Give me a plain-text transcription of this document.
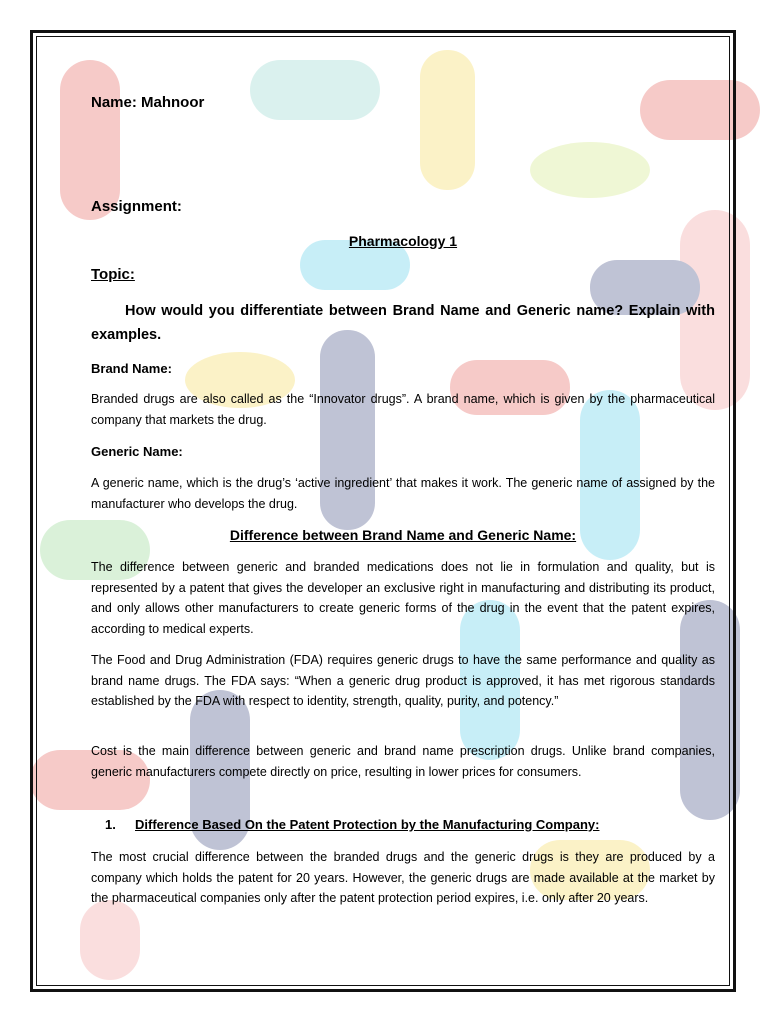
Name: Mahnoor
Assignment:
Pharmacology 1
Topic:
How would you differentiate between Brand Name and Generic name? Explain with examples.
Brand Name:
Branded drugs are also called as the “Innovator drugs”. A brand name, which is given by the pharmaceutical company that markets the drug.
Generic Name:
A generic name, which is the drug’s ‘active ingredient’ that makes it work. The generic name of assigned by the manufacturer who develops the drug.
Difference between Brand Name and Generic Name:
The difference between generic and branded medications does not lie in formulation and quality, but is represented by a patent that gives the developer an exclusive right in manufacturing and distributing its product, and only allows other manufacturers to create generic forms of the drug in the event that the patent expires, according to medical experts.
The Food and Drug Administration (FDA) requires generic drugs to have the same performance and quality as brand name drugs. The FDA says: “When a generic drug product is approved, it has met rigorous standards established by the FDA with respect to identity, strength, quality, purity, and potency.”
Cost is the main difference between generic and brand name prescription drugs. Unlike brand companies, generic manufacturers compete directly on price, resulting in lower prices for consumers.
1. Difference Based On the Patent Protection by the Manufacturing Company:
The most crucial difference between the branded drugs and the generic drugs is they are produced by a company which holds the patent for 20 years. However, the generic drugs are made available at the market by the pharmaceutical companies only after the patent protection period expires, i.e. only after 20 years.
